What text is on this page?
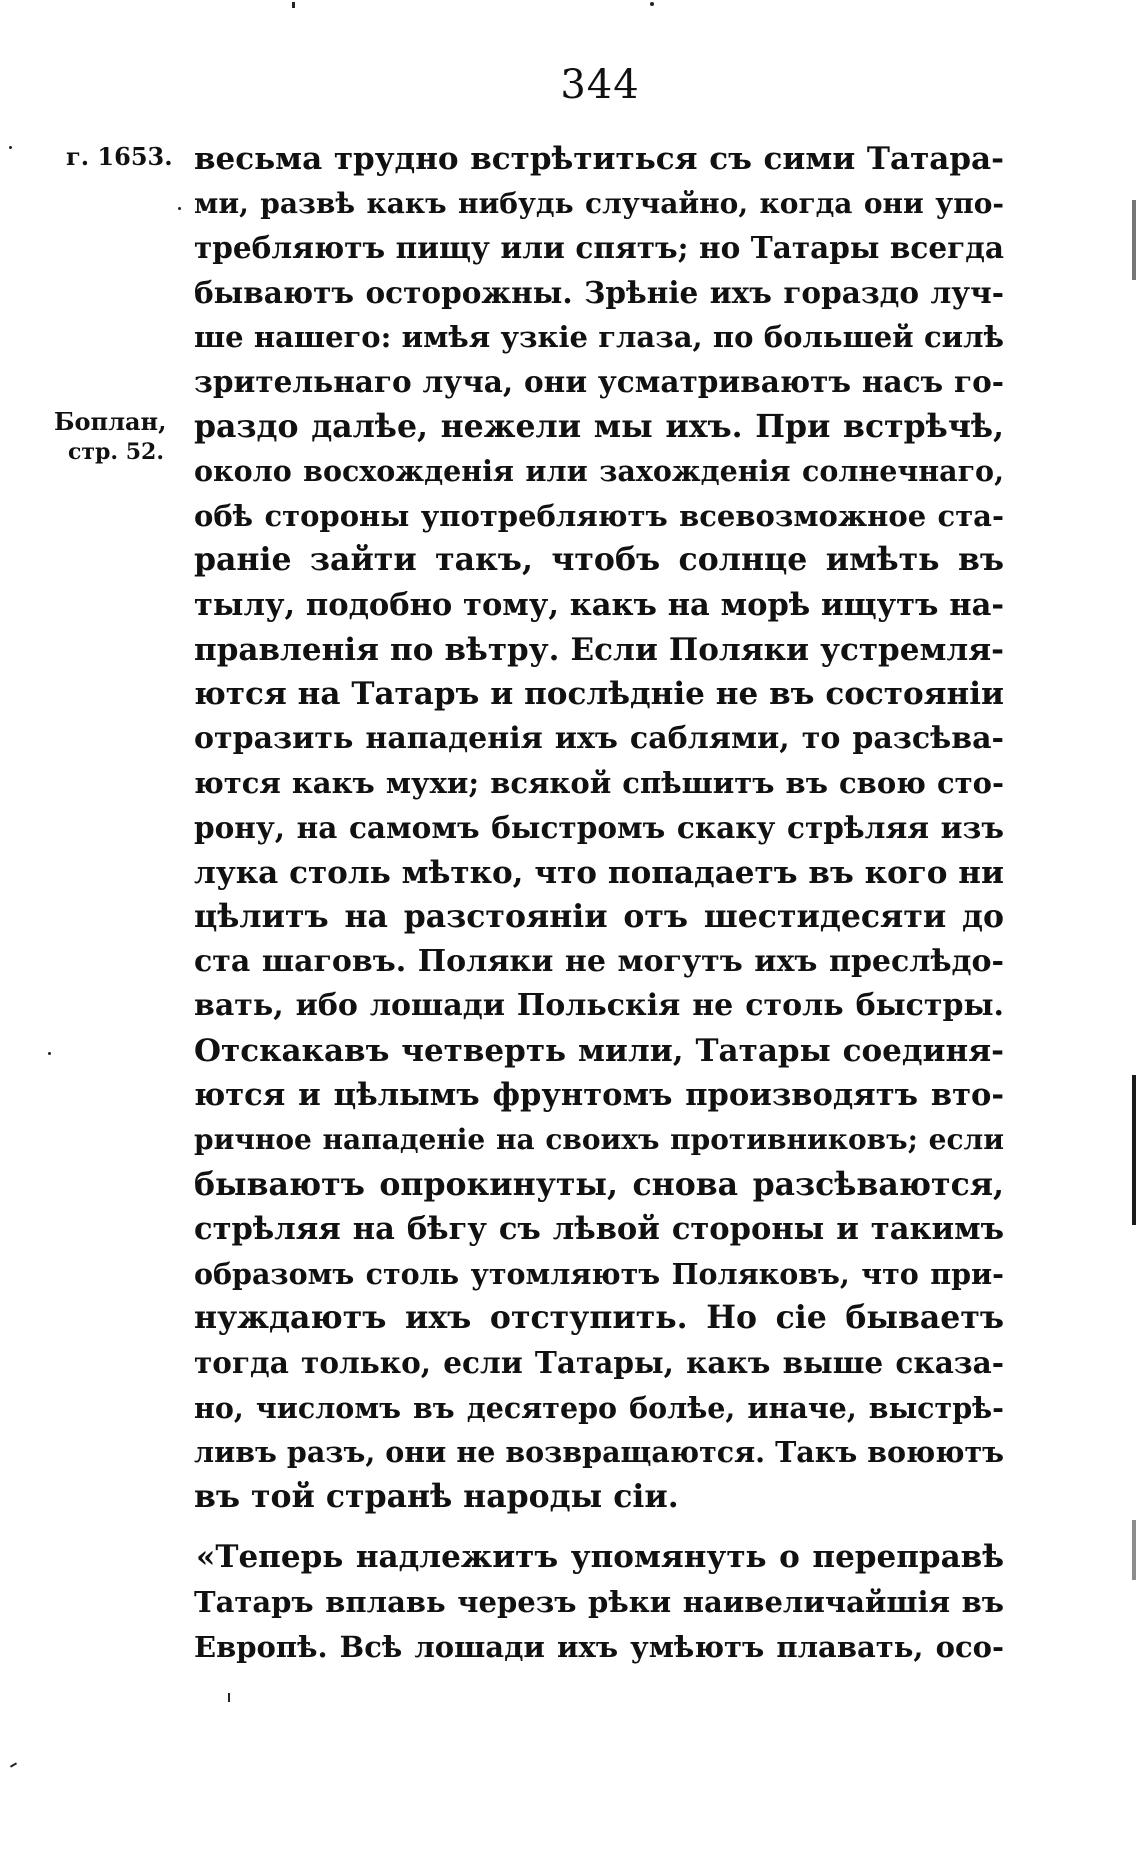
344
г. 1653.
Боплан,
стр. 52.
весьма трудно встрѣтиться съ сими Татара-
ми, развѣ какъ нибудь случайно, когда они упо-
требляютъ пищу или спятъ; но Татары всегда
бываютъ осторожны. Зрѣніе ихъ гораздо луч-
ше нашего: имѣя узкіе глаза, по большей силѣ
зрительнаго луча, они усматриваютъ насъ го-
раздо далѣе, нежели мы ихъ. При встрѣчѣ,
около восхожденія или захожденія солнечнаго,
обѣ стороны употребляютъ всевозможное ста-
раніе зайти такъ, чтобъ солнце имѣть въ
тылу, подобно тому, какъ на морѣ ищутъ на-
правленія по вѣтру. Если Поляки устремля-
ются на Татаръ и послѣдніе не въ состояніи
отразить нападенія ихъ саблями, то разсѣва-
ются какъ мухи; всякой спѣшитъ въ свою сто-
рону, на самомъ быстромъ скаку стрѣляя изъ
лука столь мѣтко, что попадаетъ въ кого ни
цѣлитъ на разстояніи отъ шестидесяти до
ста шаговъ. Поляки не могутъ ихъ преслѣдо-
вать, ибо лошади Польскія не столь быстры.
Отскакавъ четверть мили, Татары соединя-
ются и цѣлымъ фрунтомъ производятъ вто-
ричное нападеніе на своихъ противниковъ; если
бываютъ опрокинуты, снова разсѣваются,
стрѣляя на бѣгу съ лѣвой стороны и такимъ
образомъ столь утомляютъ Поляковъ, что при-
нуждаютъ ихъ отступить. Но сіе бываетъ
тогда только, если Татары, какъ выше сказа-
но, числомъ въ десятеро болѣе, иначе, выстрѣ-
ливъ разъ, они не возвращаются. Такъ воюютъ
въ той странѣ народы сіи.
«Теперь надлежитъ упомянуть о переправѣ
Татаръ вплавь черезъ рѣки наивеличайшія въ
Европѣ. Всѣ лошади ихъ умѣютъ плавать, осо-
